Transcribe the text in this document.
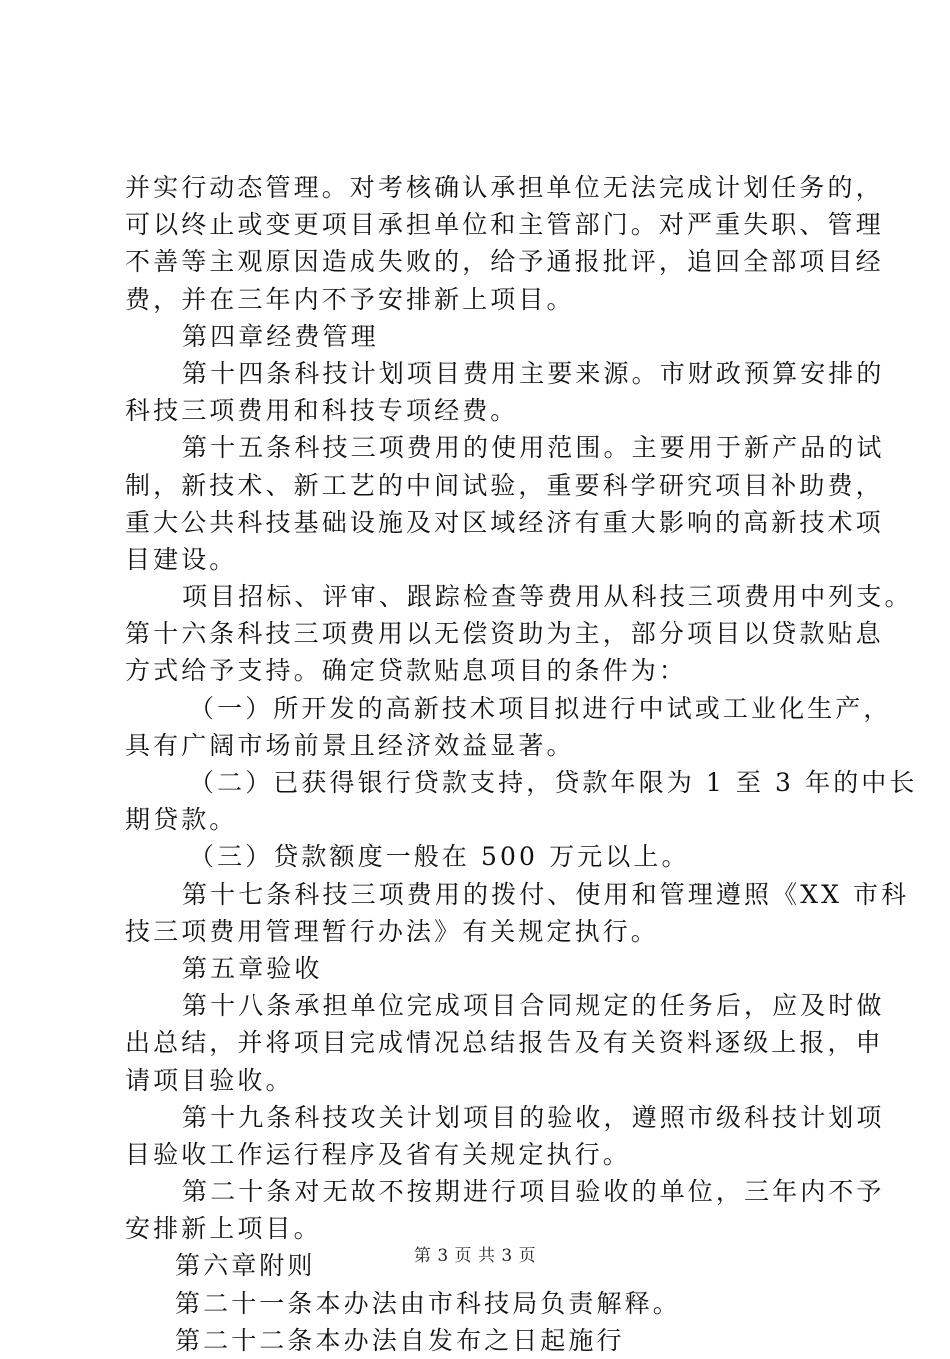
并实行动态管理。对考核确认承担单位无法完成计划任务的，
可以终止或变更项目承担单位和主管部门。对严重失职、管理
不善等主观原因造成失败的，给予通报批评，追回全部项目经
费，并在三年内不予安排新上项目。
第四章经费管理
第十四条科技计划项目费用主要来源。市财政预算安排的
科技三项费用和科技专项经费。
第十五条科技三项费用的使用范围。主要用于新产品的试
制，新技术、新工艺的中间试验，重要科学研究项目补助费，
重大公共科技基础设施及对区域经济有重大影响的高新技术项
目建设。
项目招标、评审、跟踪检查等费用从科技三项费用中列支。
第十六条科技三项费用以无偿资助为主，部分项目以贷款贴息
方式给予支持。确定贷款贴息项目的条件为：
（一）所开发的高新技术项目拟进行中试或工业化生产，
具有广阔市场前景且经济效益显著。
（二）已获得银行贷款支持，贷款年限为 1 至 3 年的中长
期贷款。
（三）贷款额度一般在 500 万元以上。
第十七条科技三项费用的拨付、使用和管理遵照《XX 市科
技三项费用管理暂行办法》有关规定执行。
第五章验收
第十八条承担单位完成项目合同规定的任务后，应及时做
出总结，并将项目完成情况总结报告及有关资料逐级上报，申
请项目验收。
第十九条科技攻关计划项目的验收，遵照市级科技计划项
目验收工作运行程序及省有关规定执行。
第二十条对无故不按期进行项目验收的单位，三年内不予
安排新上项目。
第六章附则
第二十一条本办法由市科技局负责解释。
第二十二条本办法自发布之日起施行
第 3 页 共 3 页
